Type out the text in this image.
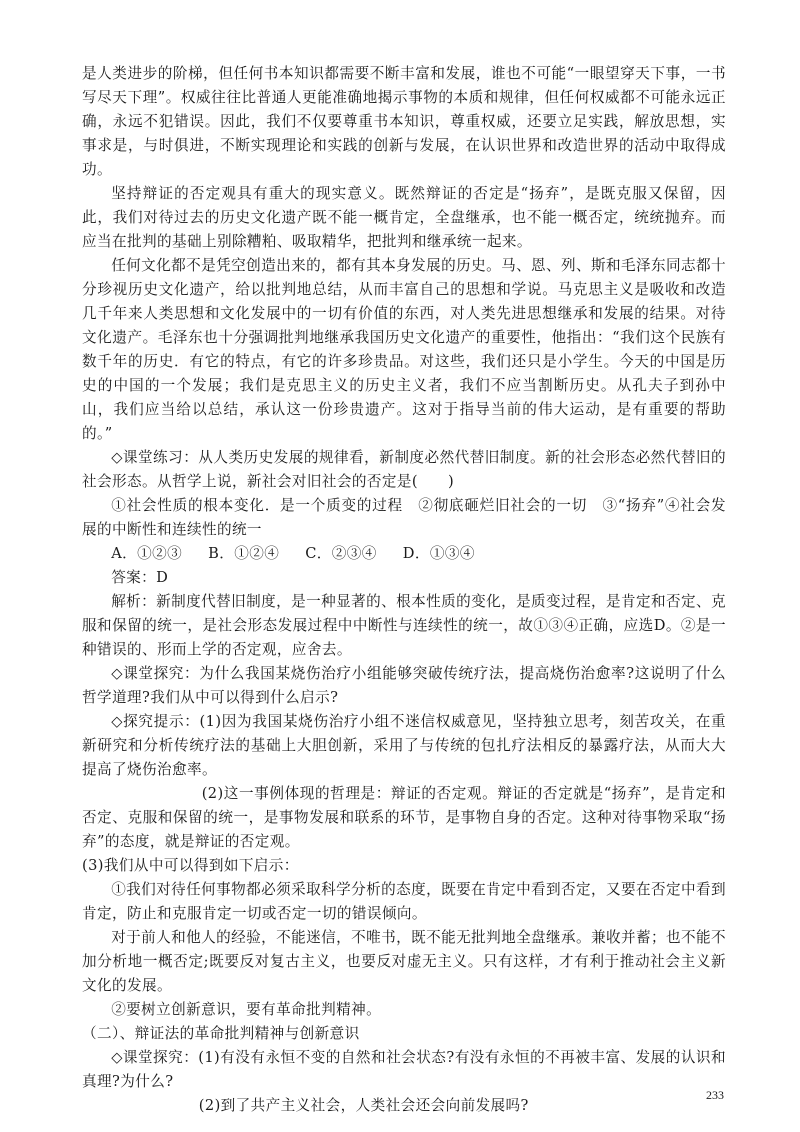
是人类进步的阶梯，但任何书本知识都需要不断丰富和发展，谁也不可能“一眼望穿天下事，一书写尽天下理”。权威往往比普通人更能准确地揭示事物的本质和规律，但任何权威都不可能永远正确，永远不犯错误。因此，我们不仅要尊重书本知识，尊重权威，还要立足实践，解放思想，实事求是，与时俱进，不断实现理论和实践的创新与发展，在认识世界和改造世界的活动中取得成功。

坚持辩证的否定观具有重大的现实意义。既然辩证的否定是“扬弃”，是既克服又保留，因此，我们对待过去的历史文化遗产既不能一概肯定，全盘继承，也不能一概否定，统统抛弃。而应当在批判的基础上别除糟粕、吸取精华，把批判和继承统一起来。

任何文化都不是凭空创造出来的，都有其本身发展的历史。马、恩、列、斯和毛泽东同志都十分珍视历史文化遗产，给以批判地总结，从而丰富自己的思想和学说。马克思主义是吸收和改造几千年来人类思想和文化发展中的一切有价值的东西，对人类先进思想继承和发展的结果。对待文化遗产。毛泽东也十分强调批判地继承我国历史文化遗产的重要性，他指出：“我们这个民族有数千年的历史．有它的特点，有它的许多珍贵品。对这些，我们还只是小学生。今天的中国是历史的中国的一个发展；我们是克思主义的历史主义者，我们不应当割断历史。从孔夫子到孙中山，我们应当给以总结，承认这一份珍贵遗产。这对于指导当前的伟大运动，是有重要的帮助的。”

◇课堂练习：从人类历史发展的规律看，新制度必然代替旧制度。新的社会形态必然代替旧的社会形态。从哲学上说，新社会对旧社会的否定是(　　)

①社会性质的根本变化．是一个质变的过程　②彻底砸烂旧社会的一切　③“扬弃”④社会发展的中断性和连续性的统一

A．①②③ B．①②④ C．②③④ D．①③④

答案：D

解析：新制度代替旧制度，是一种显著的、根本性质的变化，是质变过程，是肯定和否定、克服和保留的统一，是社会形态发展过程中中断性与连续性的统一，故①③④正确，应选D。②是一种错误的、形而上学的否定观，应舍去。

◇课堂探究：为什么我国某烧伤治疗小组能够突破传统疗法，提高烧伤治愈率?这说明了什么哲学道理?我们从中可以得到什么启示?

◇探究提示：(1)因为我国某烧伤治疗小组不迷信权威意见，坚持独立思考，刻苦攻关，在重新研究和分析传统疗法的基础上大胆创新，采用了与传统的包扎疗法相反的暴露疗法，从而大大提高了烧伤治愈率。

(2)这一事例体现的哲理是：辩证的否定观。辩证的否定就是“扬弃”，是肯定和否定、克服和保留的统一，是事物发展和联系的环节，是事物自身的否定。这种对待事物采取“扬弃”的态度，就是辩证的否定观。

(3)我们从中可以得到如下启示：

①我们对待任何事物都必须采取科学分析的态度，既要在肯定中看到否定，又要在否定中看到肯定，防止和克服肯定一切或否定一切的错误倾向。

对于前人和他人的经验，不能迷信，不唯书，既不能无批判地全盘继承。兼收并蓄；也不能不加分析地一概否定;既要反对复古主义，也要反对虚无主义。只有这样，才有利于推动社会主义新文化的发展。

②要树立创新意识，要有革命批判精神。

（二）、辩证法的革命批判精神与创新意识

◇课堂探究：(1)有没有永恒不变的自然和社会状态?有没有永恒的不再被丰富、发展的认识和真理?为什么?

(2)到了共产主义社会，人类社会还会向前发展吗?

233
